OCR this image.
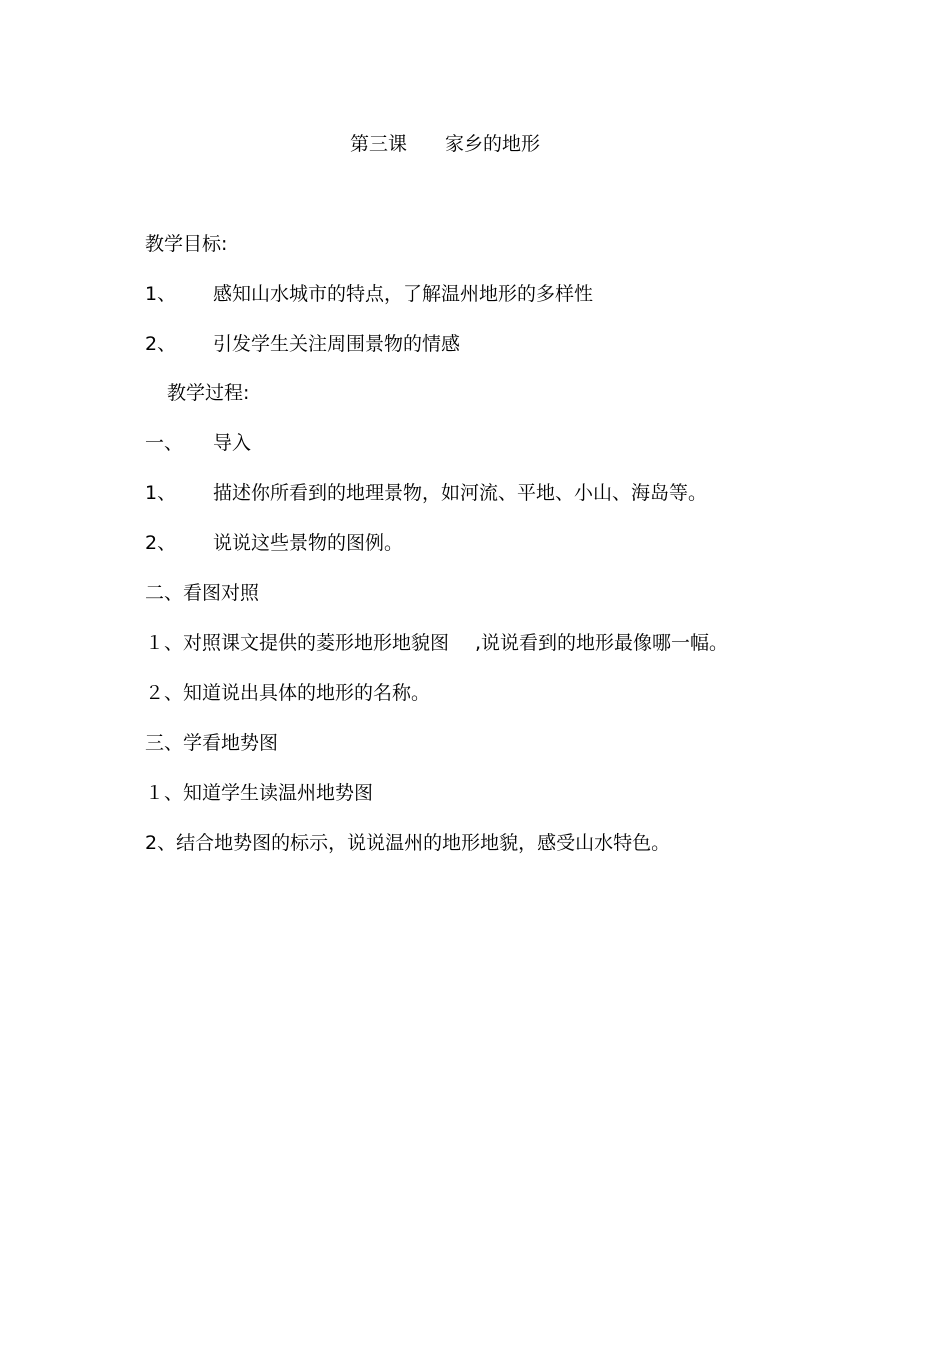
第三课 家乡的地形
教学目标:
1、 感知山水城市的特点，了解温州地形的多样性
2、 引发学生关注周围景物的情感
教学过程:
一、 导入
1、 描述你所看到的地理景物，如河流、平地、小山、海岛等。
2、 说说这些景物的图例。
二、看图对照
１、对照课文提供的菱形地形地貌图 ,说说看到的地形最像哪一幅。
２、知道说出具体的地形的名称。
三、学看地势图
１、知道学生读温州地势图
2、结合地势图的标示，说说温州的地形地貌，感受山水特色。
